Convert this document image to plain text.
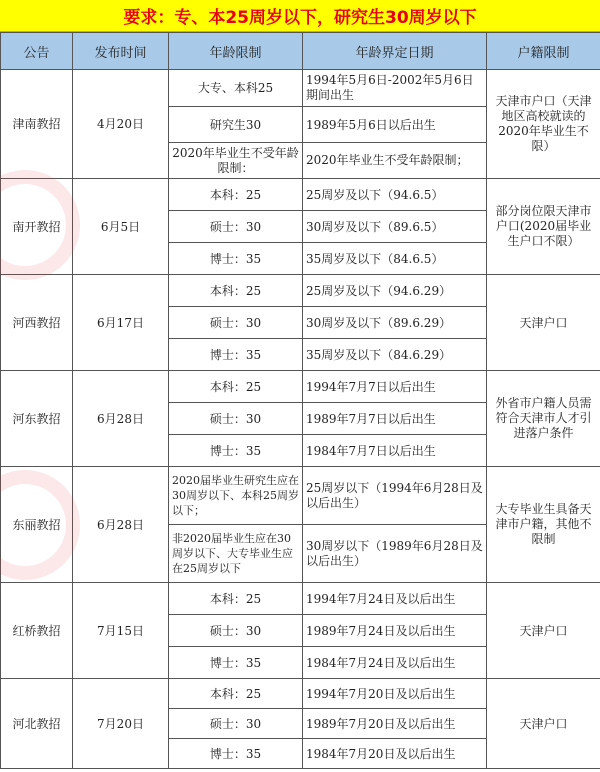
要求：专、本25周岁以下，研究生30周岁以下
公告	发布时间	年龄限制	年龄界定日期	户籍限制
津南教招	4月20日	大专、本科25	1994年5月6日-2002年5月6日期间出生	天津市户口（天津地区高校就读的2020年毕业生不限）
		研究生30	1989年5月6日以后出生	
		2020年毕业生不受年龄限制：	2020年毕业生不受年龄限制；	
南开教招	6月5日	本科：25	25周岁及以下（94.6.5）	部分岗位限天津市户口(2020届毕业生户口不限）
		硕士：30	30周岁及以下（89.6.5）	
		博士：35	35周岁及以下（84.6.5）	
河西教招	6月17日	本科：25	25周岁及以下（94.6.29）	天津户口
		硕士：30	30周岁及以下（89.6.29）	
		博士：35	35周岁及以下（84.6.29）	
河东教招	6月28日	本科：25	1994年7月7日以后出生	外省市户籍人员需符合天津市人才引进落户条件
		硕士：30	1989年7月7日以后出生	
		博士：35	1984年7月7日以后出生	
东丽教招	6月28日	2020届毕业生研究生应在30周岁以下、本科25周岁以下；	25周岁以下（1994年6月28日及以后出生）	大专毕业生具备天津市户籍，其他不限制
		非2020届毕业生应在30周岁以下、大专毕业生应在25周岁以下	30周岁以下（1989年6月28日及以后出生）	
红桥教招	7月15日	本科：25	1994年7月24日及以后出生	天津户口
		硕士：30	1989年7月24日及以后出生	
		博士：35	1984年7月24日及以后出生	
河北教招	7月20日	本科：25	1994年7月20日及以后出生	天津户口
		硕士：30	1989年7月20日及以后出生	
		博士：35	1984年7月20日及以后出生	
